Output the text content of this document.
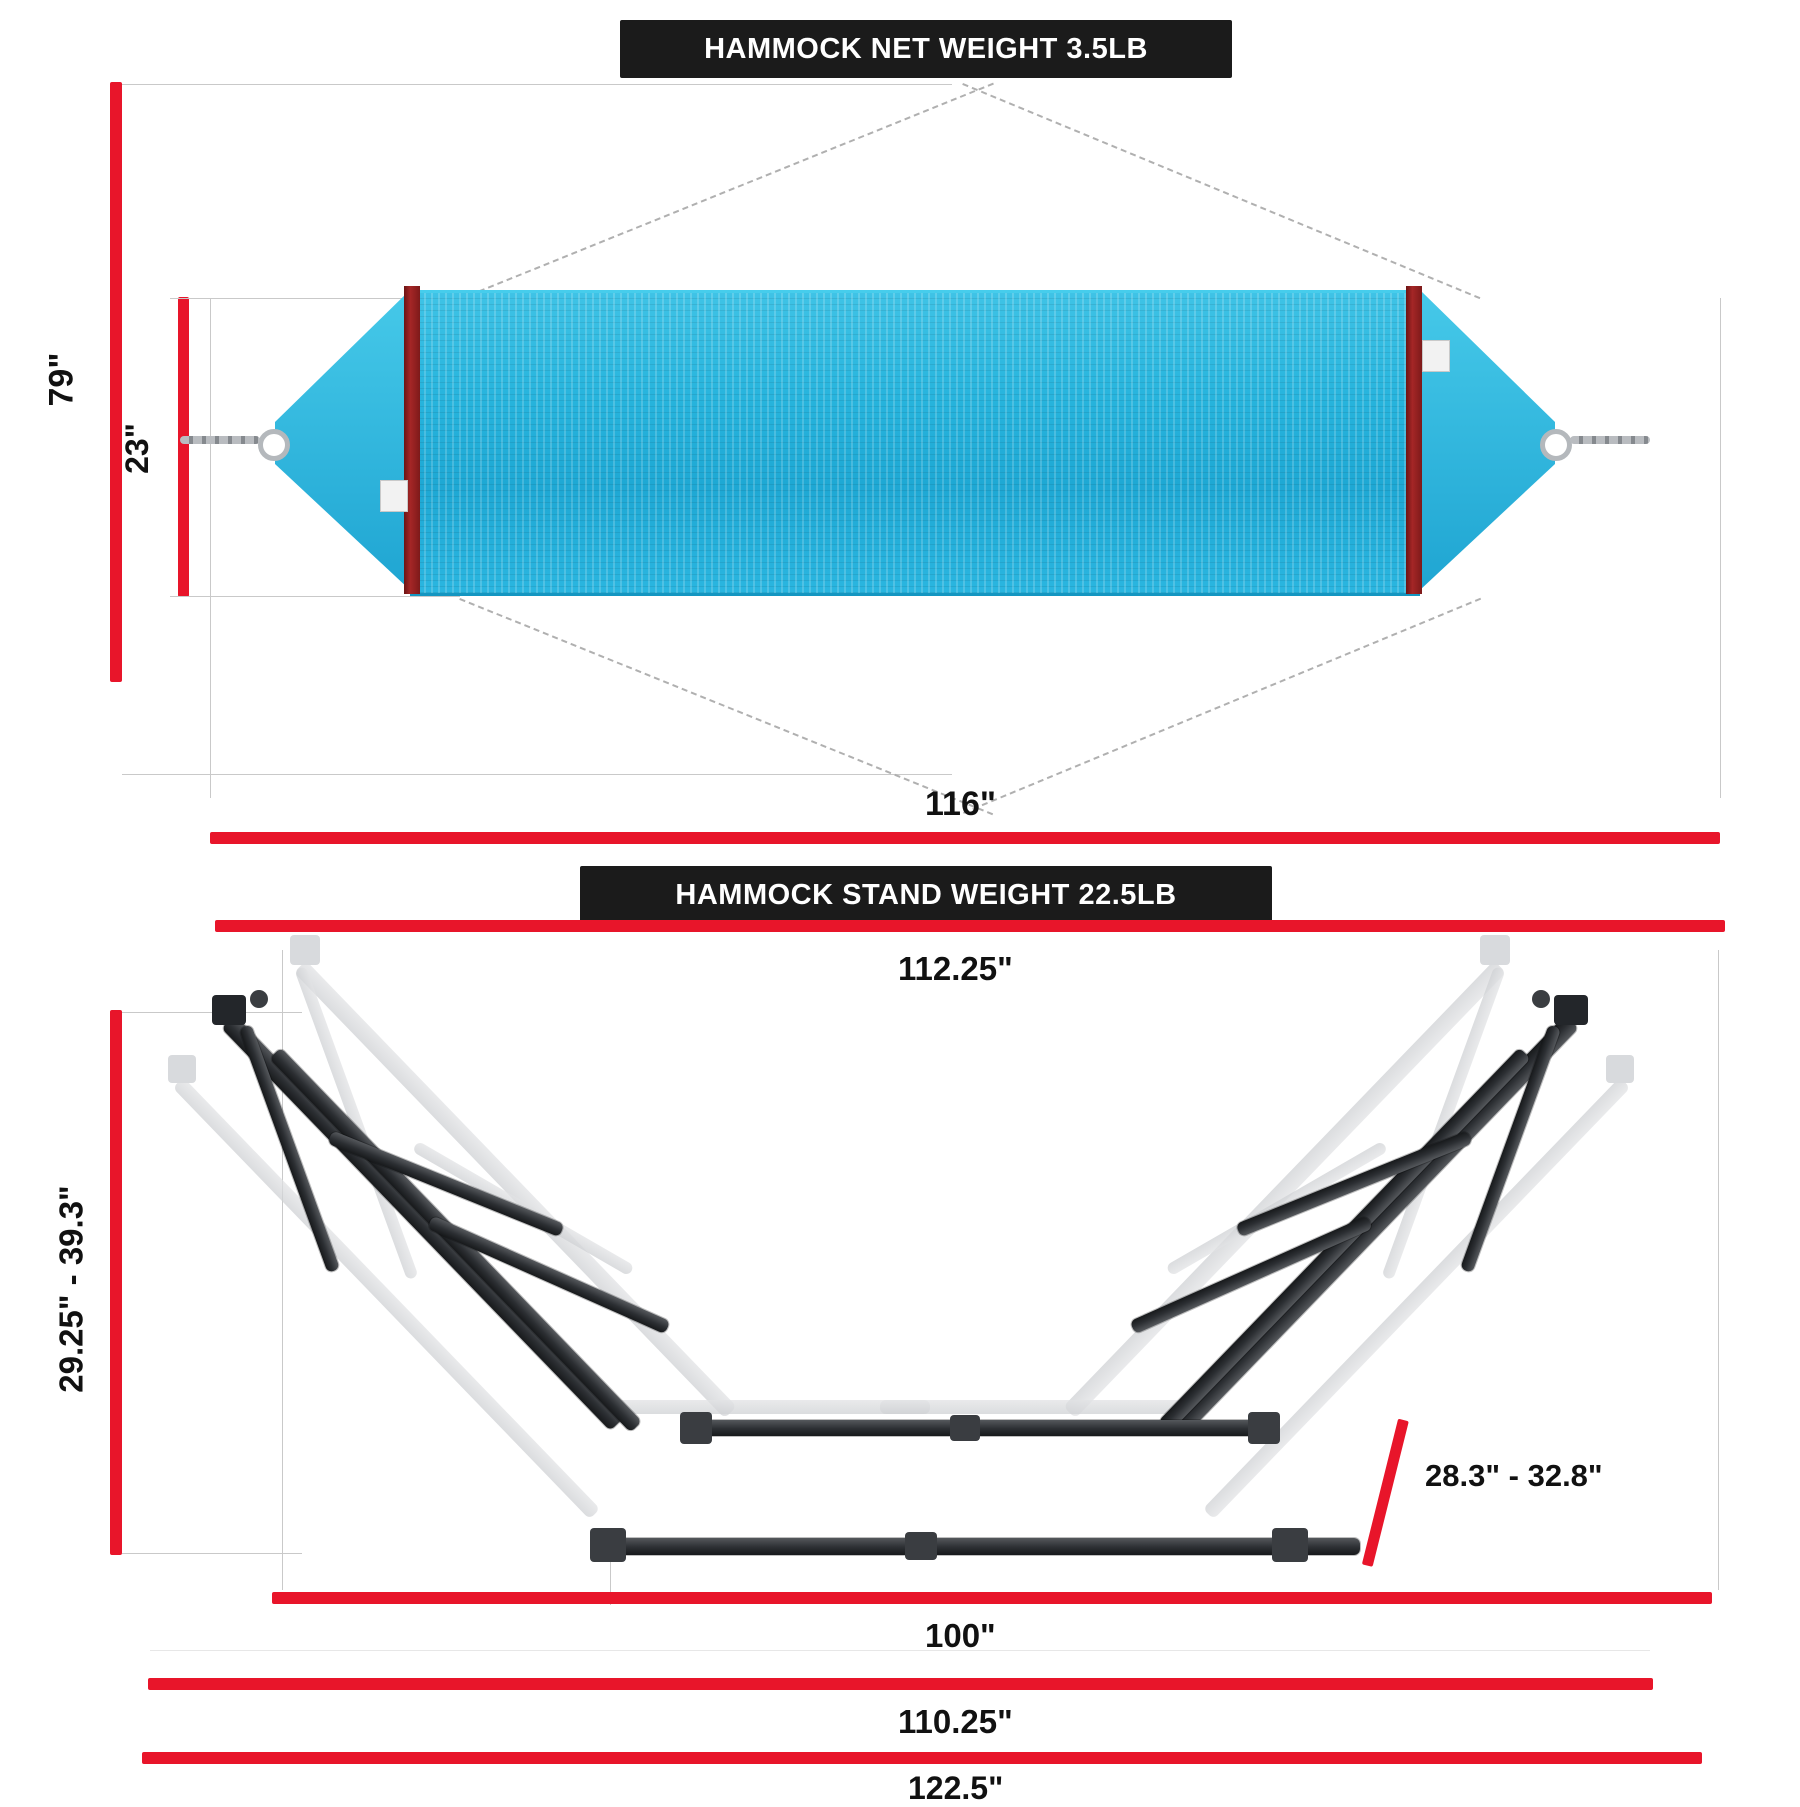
HAMMOCK NET WEIGHT 3.5LB
79"
23"
116"
HAMMOCK STAND WEIGHT 22.5LB
112.25"
29.25" - 39.3"
28.3" - 32.8"
100"
110.25"
122.5"
